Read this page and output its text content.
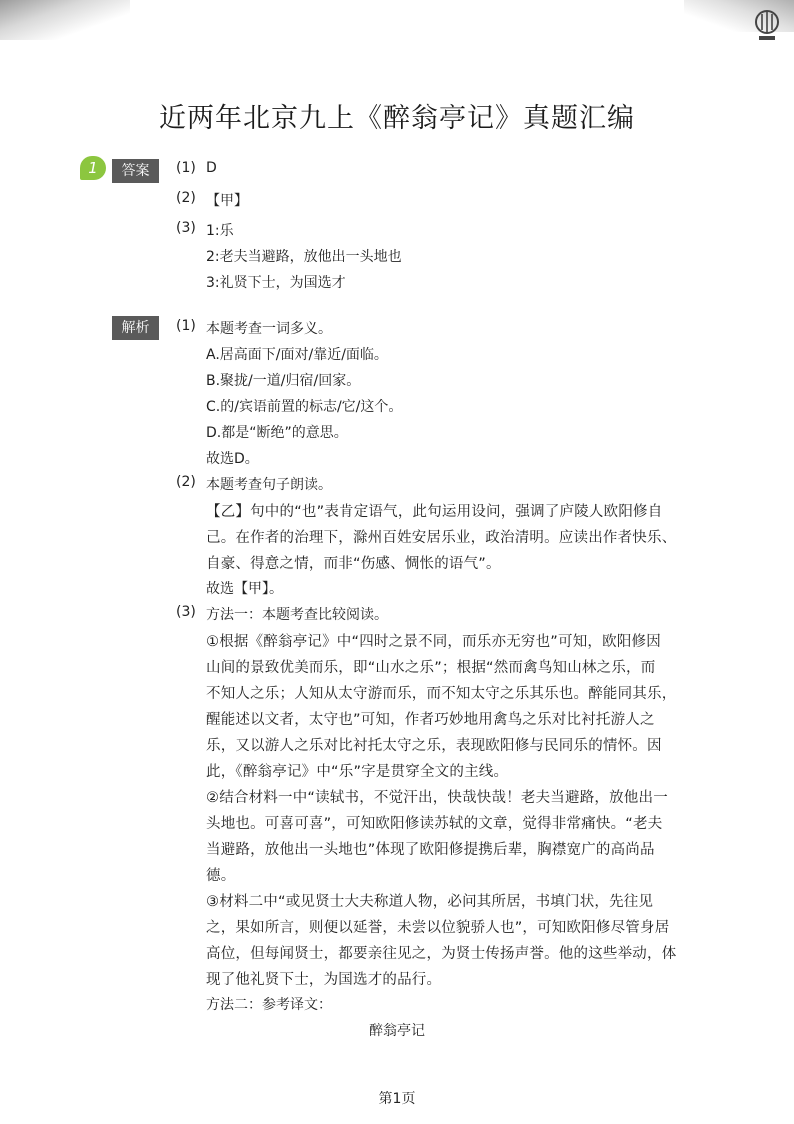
近两年北京九上《醉翁亭记》真题汇编
1	答案	(1) D
(2) 【甲】
(3) 1:乐
2:老夫当避路，放他出一头地也
3:礼贤下士，为国选才
解析	(1) 本题考查一词多义。
A.居高面下/面对/靠近/面临。
B.聚拢/一道/归宿/回家。
C.的/宾语前置的标志/它/这个。
D.都是“断绝”的意思。
故选D。
(2) 本题考查句子朗读。
【乙】句中的“也”表肯定语气，此句运用设问，强调了庐陵人欧阳修自
己。在作者的治理下，滁州百姓安居乐业，政治清明。应读出作者快乐、
自豪、得意之情，而非“伤感、惆怅的语气”。
故选【甲】。
(3) 方法一：本题考查比较阅读。
①根据《醉翁亭记》中“四时之景不同，而乐亦无穷也”可知，欧阳修因
山间的景致优美而乐，即“山水之乐”；根据“然而禽鸟知山林之乐，而
不知人之乐；人知从太守游而乐，而不知太守之乐其乐也。醉能同其乐，
醒能述以文者，太守也”可知，作者巧妙地用禽鸟之乐对比衬托游人之
乐，又以游人之乐对比衬托太守之乐，表现欧阳修与民同乐的情怀。因
此，《醉翁亭记》中“乐”字是贯穿全文的主线。
②结合材料一中“读轼书，不觉汗出，快哉快哉！老夫当避路，放他出一
头地也。可喜可喜”，可知欧阳修读苏轼的文章，觉得非常痛快。“老夫
当避路，放他出一头地也”体现了欧阳修提携后辈，胸襟宽广的高尚品
德。
③材料二中“或见贤士大夫称道人物，必问其所居，书填门状，先往见
之，果如所言，则便以延誉，未尝以位貌骄人也”，可知欧阳修尽管身居
高位，但每闻贤士，都要亲往见之，为贤士传扬声誉。他的这些举动，体
现了他礼贤下士，为国选才的品行。
方法二：参考译文：
醉翁亭记
第1页
